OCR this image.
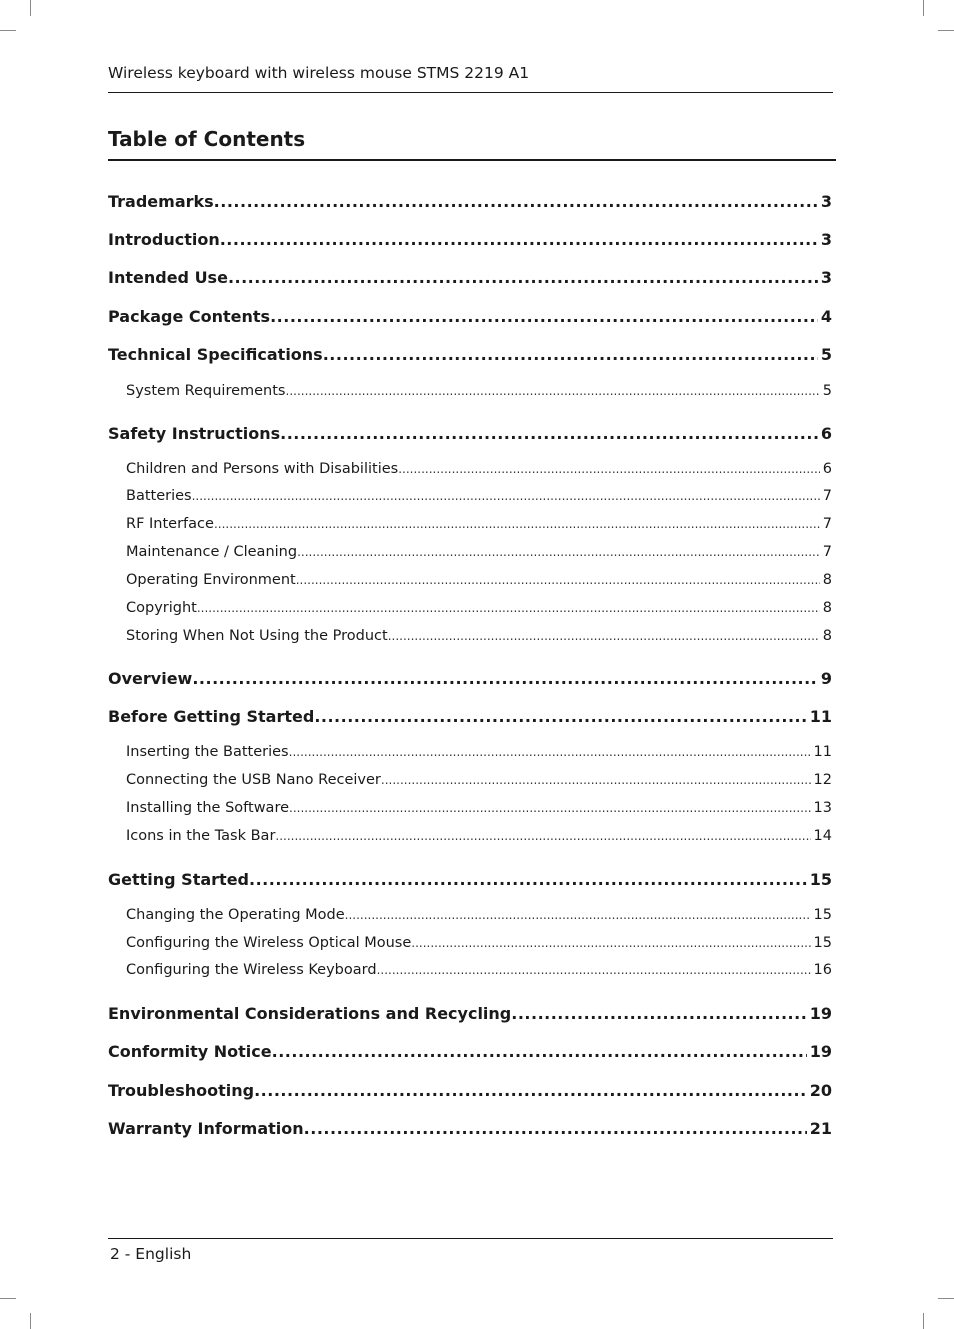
Wireless keyboard with wireless mouse STMS 2219 A1
Table of Contents
Trademarks .....	3
Introduction .....	3
Intended Use .....	3
Package Contents .....	4
Technical Specifications .....	5
System Requirements .....	5
Safety Instructions .....	6
Children and Persons with Disabilities .....	6
Batteries .....	7
RF Interface .....	7
Maintenance / Cleaning .....	7
Operating Environment .....	8
Copyright .....	8
Storing When Not Using the Product .....	8
Overview .....	9
Before Getting Started .....	11
Inserting the Batteries .....	11
Connecting the USB Nano Receiver .....	12
Installing the Software .....	13
Icons in the Task Bar .....	14
Getting Started .....	15
Changing the Operating Mode .....	15
Configuring the Wireless Optical Mouse .....	15
Configuring the Wireless Keyboard .....	16
Environmental Considerations and Recycling .....	19
Conformity Notice .....	19
Troubleshooting .....	20
Warranty Information .....	21
2 - English
